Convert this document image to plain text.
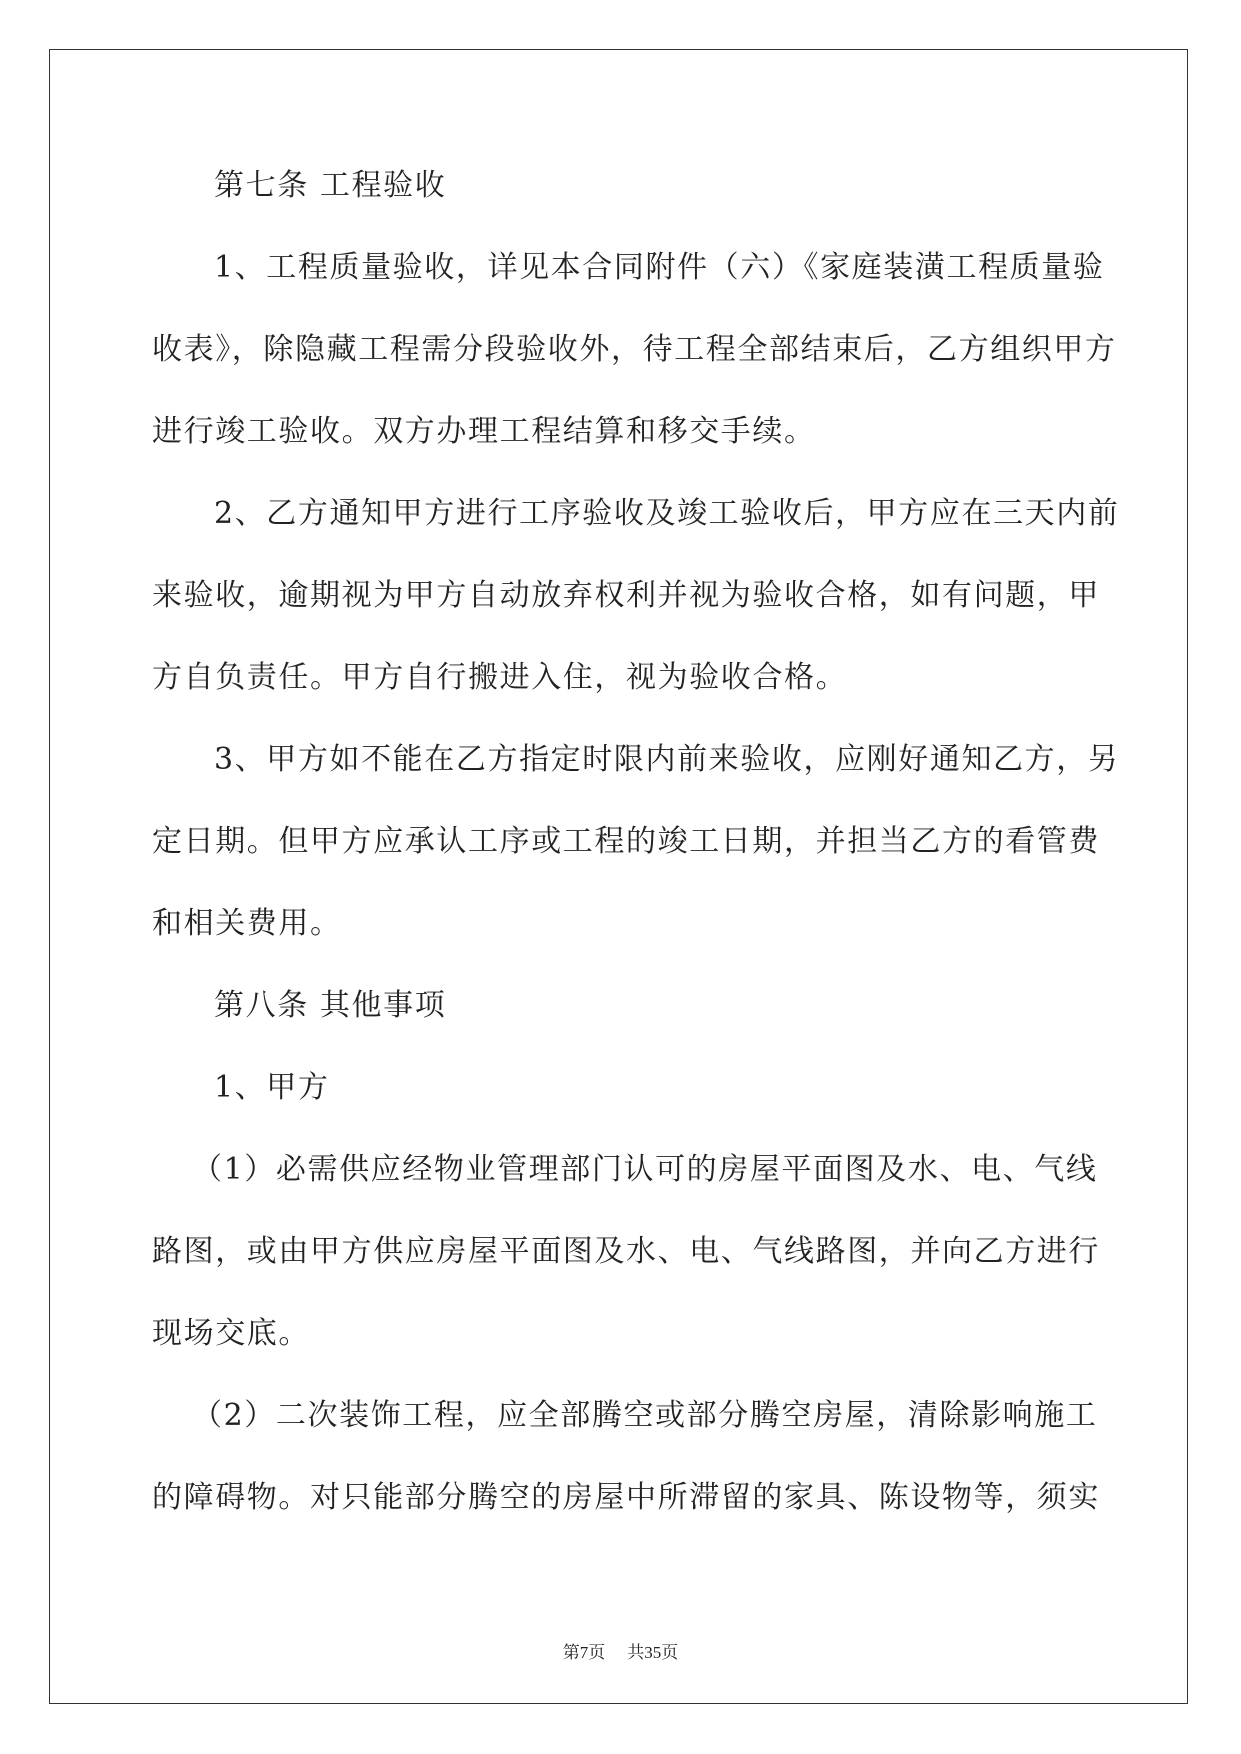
第七条 工程验收
1、工程质量验收，详见本合同附件（六）《家庭装潢工程质量验
收表》，除隐藏工程需分段验收外，待工程全部结束后，乙方组织甲方
进行竣工验收。双方办理工程结算和移交手续。
2、乙方通知甲方进行工序验收及竣工验收后，甲方应在三天内前
来验收，逾期视为甲方自动放弃权利并视为验收合格，如有问题，甲
方自负责任。甲方自行搬进入住，视为验收合格。
3、甲方如不能在乙方指定时限内前来验收，应刚好通知乙方，另
定日期。但甲方应承认工序或工程的竣工日期，并担当乙方的看管费
和相关费用。
第八条 其他事项
1、甲方
（1）必需供应经物业管理部门认可的房屋平面图及水、电、气线
路图，或由甲方供应房屋平面图及水、电、气线路图，并向乙方进行
现场交底。
（2）二次装饰工程，应全部腾空或部分腾空房屋，清除影响施工
的障碍物。对只能部分腾空的房屋中所滞留的家具、陈设物等，须实
第7页 共35页
